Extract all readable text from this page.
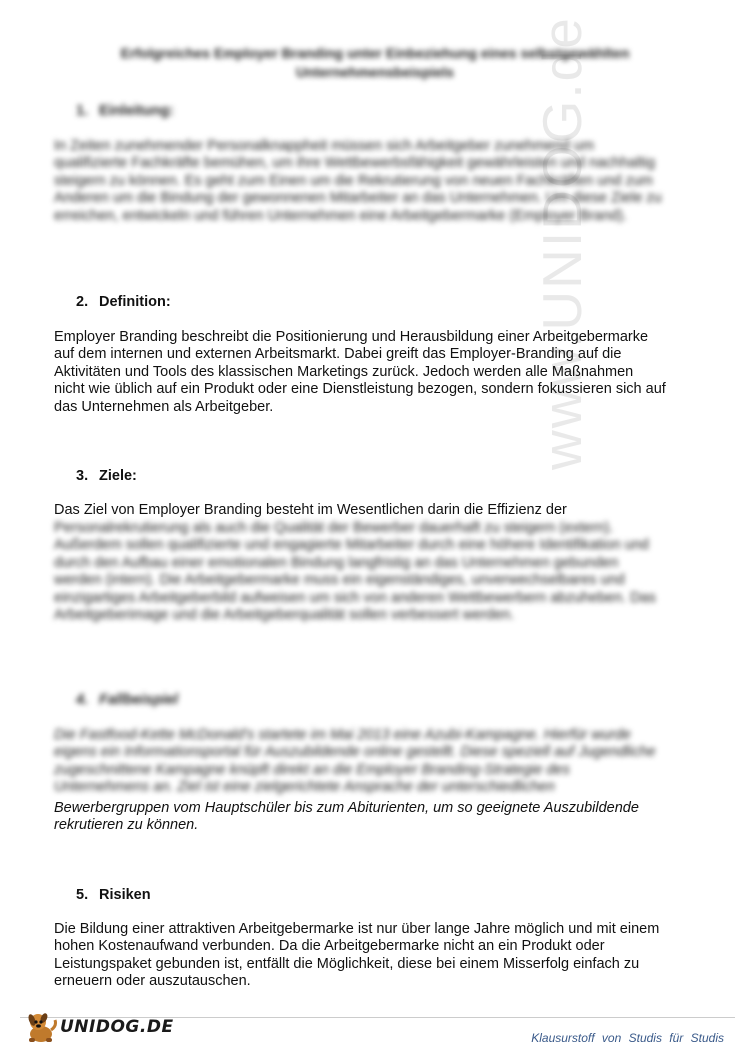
www.UNIDOG.de
Erfolgreiches Employer Branding unter Einbeziehung eines selbstgewählten Unternehmensbeispiels
1. Einleitung:
In Zeiten zunehmender Personalknappheit müssen sich Arbeitgeber zunehmend um qualifizierte Fachkräfte bemühen, um ihre Wettbewerbsfähigkeit gewährleisten und nachhaltig steigern zu können. Es geht zum Einen um die Rekrutierung von neuen Fachkräften und zum Anderen um die Bindung der gewonnenen Mitarbeiter an das Unternehmen. Um diese Ziele zu erreichen, entwickeln und führen Unternehmen eine Arbeitgebermarke (Employer Brand).
2. Definition:
Employer Branding beschreibt die Positionierung und Herausbildung einer Arbeitgebermarke auf dem internen und externen Arbeitsmarkt. Dabei greift das Employer-Branding auf die Aktivitäten und Tools des klassischen Marketings zurück. Jedoch werden alle Maßnahmen nicht wie üblich auf ein Produkt oder eine Dienstleistung bezogen, sondern fokussieren sich auf das Unternehmen als Arbeitgeber.
3. Ziele:
Das Ziel von Employer Branding besteht im Wesentlichen darin die Effizienz der
Personalrekrutierung als auch die Qualität der Bewerber dauerhaft zu steigern (extern). Außerdem sollen qualifizierte und engagierte Mitarbeiter durch eine höhere Identifikation und durch den Aufbau einer emotionalen Bindung langfristig an das Unternehmen gebunden werden (intern). Die Arbeitgebermarke muss ein eigenständiges, unverwechselbares und einzigartiges Arbeitgeberbild aufweisen um sich von anderen Wettbewerbern abzuheben. Das Arbeitgeberimage und die Arbeitgeberqualität sollen verbessert werden.
4. Fallbeispiel
Die Fastfood-Kette McDonald's startete im Mai 2013 eine Azubi-Kampagne. Hierfür wurde eigens ein Informationsportal für Auszubildende online gestellt. Diese speziell auf Jugendliche zugeschnittene Kampagne knüpft direkt an die Employer Branding-Strategie des Unternehmens an. Ziel ist eine zielgerichtete Ansprache der unterschiedlichen
Bewerbergruppen vom Hauptschüler bis zum Abiturienten, um so geeignete Auszubildende rekrutieren zu können.
5. Risiken
Die Bildung einer attraktiven Arbeitgebermarke ist nur über lange Jahre möglich und mit einem hohen Kostenaufwand verbunden. Da die Arbeitgebermarke nicht an ein Produkt oder Leistungspaket gebunden ist, entfällt die Möglichkeit, diese bei einem Misserfolg einfach zu erneuern oder auszutauschen.
UNIDOG.DE
Klausurstoff von Studis für Studis
